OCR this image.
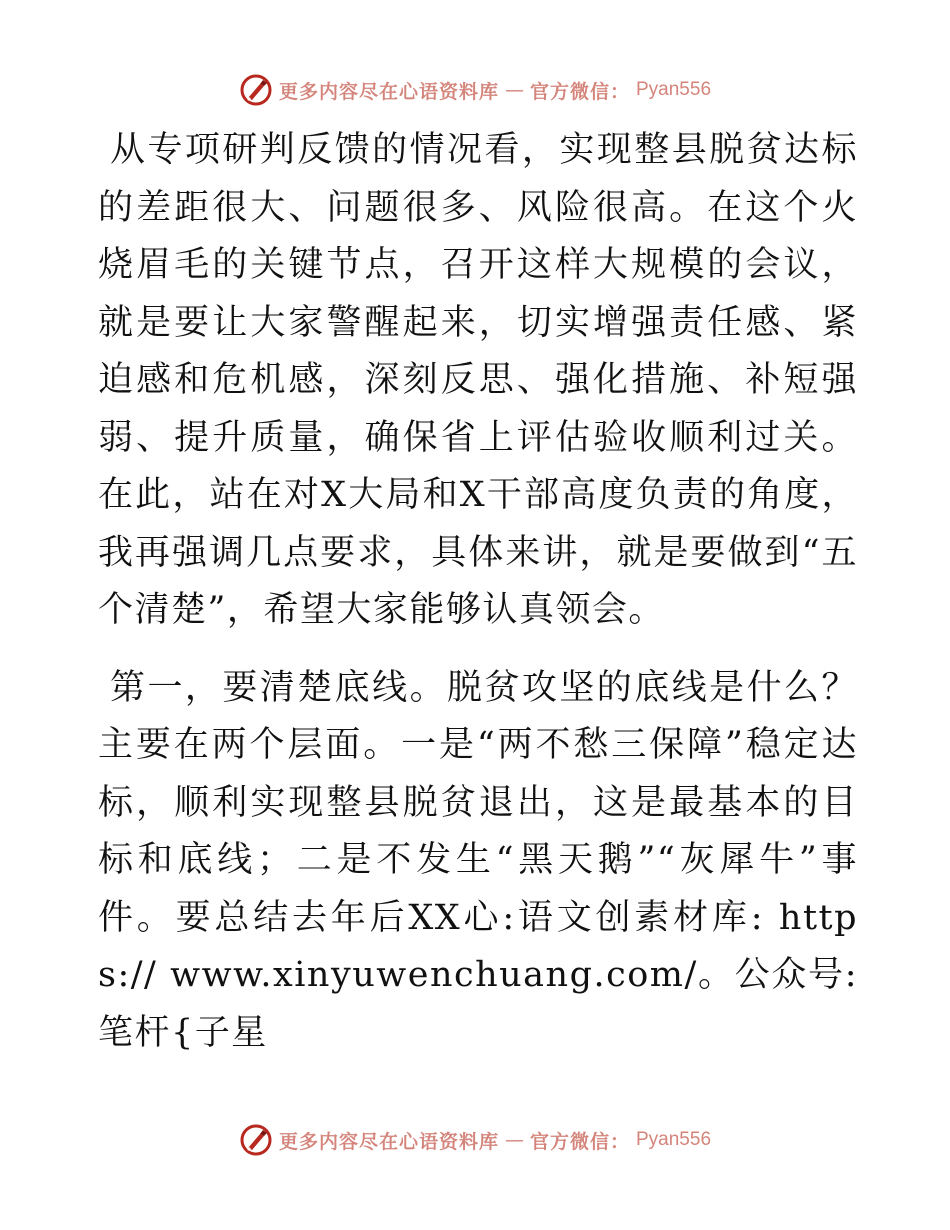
更多内容尽在心语资料库 — 官方微信： Pyan556

从专项研判反馈的情况看，实现整县脱贫达标的差距很大、问题很多、风险很高。在这个火烧眉毛的关键节点，召开这样大规模的会议，就是要让大家警醒起来，切实增强责任感、紧迫感和危机感，深刻反思、强化措施、补短强弱、提升质量，确保省上评估验收顺利过关。在此，站在对X大局和X干部高度负责的角度，我再强调几点要求，具体来讲，就是要做到“五个清楚”，希望大家能够认真领会。

第一，要清楚底线。脱贫攻坚的底线是什么？主要在两个层面。一是“两不愁三保障”稳定达标，顺利实现整县脱贫退出，这是最基本的目标和底线；二是不发生“黑天鹅”“灰犀牛”事件。要总结去年后XX心:语文创素材库: https:// www.xinyuwenchuang.com/。公众号: 笔杆{子星

更多内容尽在心语资料库 — 官方微信： Pyan556
